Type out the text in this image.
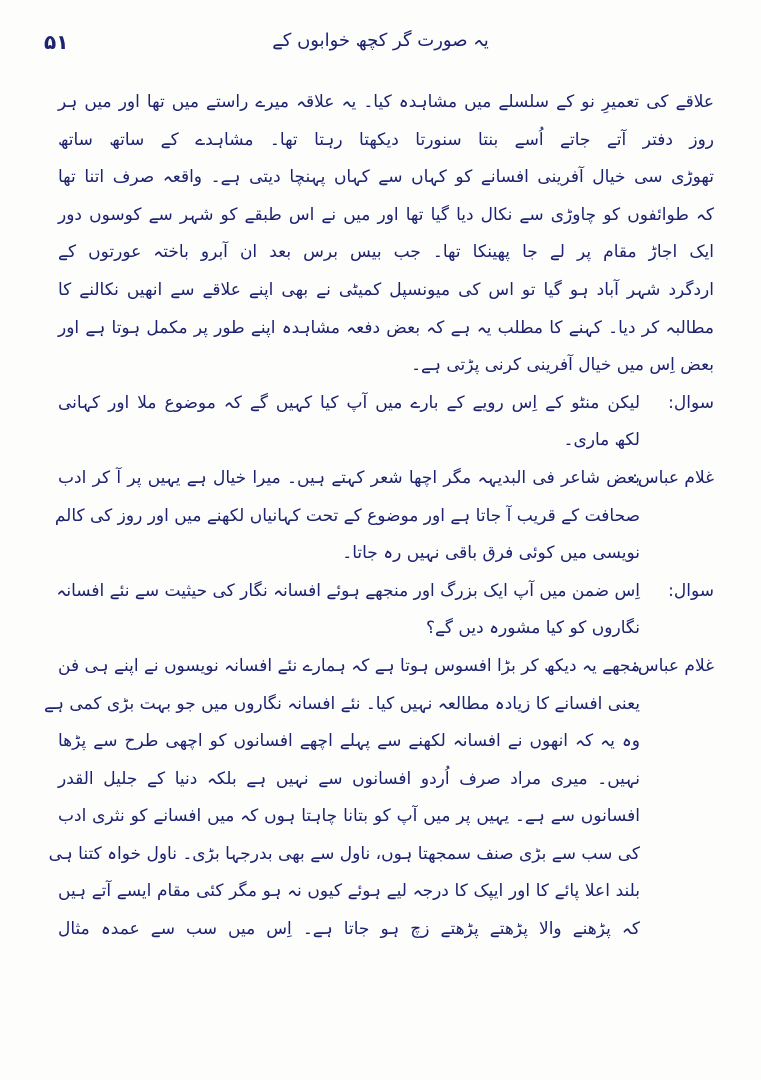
۵۱	یہ صورت گر کچھ خوابوں کے
علاقے کی تعمیرِ نو کے سلسلے میں مشاہدہ کیا۔ یہ علاقہ میرے راستے میں تھا اور میں ہر
روز دفتر آتے جاتے اُسے بنتا سنورتا دیکھتا رہتا تھا۔ مشاہدے کے ساتھ ساتھ
تھوڑی سی خیال آفرینی افسانے کو کہاں سے کہاں پہنچا دیتی ہے۔ واقعہ صرف اتنا تھا
کہ طوائفوں کو چاوڑی سے نکال دیا گیا تھا اور میں نے اس طبقے کو شہر سے کوسوں دور
ایک اجاڑ مقام پر لے جا پھینکا تھا۔ جب بیس برس بعد ان آبرو باختہ عورتوں کے
اردگرد شہر آباد ہو گیا تو اس کی میونسپل کمیٹی نے بھی اپنے علاقے سے انھیں نکالنے کا
مطالبہ کر دیا۔ کہنے کا مطلب یہ ہے کہ بعض دفعہ مشاہدہ اپنے طور پر مکمل ہوتا ہے اور
بعض اِس میں خیال آفرینی کرنی پڑتی ہے۔
سوال:
لیکن منٹو کے اِس رویے کے بارے میں آپ کیا کہیں گے کہ موضوع ملا اور کہانی
لکھ ماری۔
غلام عباس:
بعض شاعر فی البدیہہ مگر اچھا شعر کہتے ہیں۔ میرا خیال ہے یہیں پر آ کر ادب
صحافت کے قریب آ جاتا ہے اور موضوع کے تحت کہانیاں لکھنے میں اور روز کی کالم
نویسی میں کوئی فرق باقی نہیں رہ جاتا۔
سوال:
اِس ضمن میں آپ ایک بزرگ اور منجھے ہوئے افسانہ نگار کی حیثیت سے نئے افسانہ
نگاروں کو کیا مشورہ دیں گے؟
غلام عباس:
مجھے یہ دیکھ کر بڑا افسوس ہوتا ہے کہ ہمارے نئے افسانہ نویسوں نے اپنے ہی فن
یعنی افسانے کا زیادہ مطالعہ نہیں کیا۔ نئے افسانہ نگاروں میں جو بہت بڑی کمی ہے
وہ یہ کہ انھوں نے افسانہ لکھنے سے پہلے اچھے افسانوں کو اچھی طرح سے پڑھا
نہیں۔ میری مراد صرف اُردو افسانوں سے نہیں ہے بلکہ دنیا کے جلیل القدر
افسانوں سے ہے۔ یہیں پر میں آپ کو بتانا چاہتا ہوں کہ میں افسانے کو نثری ادب
کی سب سے بڑی صنف سمجھتا ہوں، ناول سے بھی بدرجہا بڑی۔ ناول خواہ کتنا ہی
بلند اعلا پائے کا اور ایپک کا درجہ لیے ہوئے کیوں نہ ہو مگر کئی مقام ایسے آتے ہیں
کہ پڑھنے والا پڑھتے پڑھتے زچ ہو جاتا ہے۔ اِس میں سب سے عمدہ مثال
